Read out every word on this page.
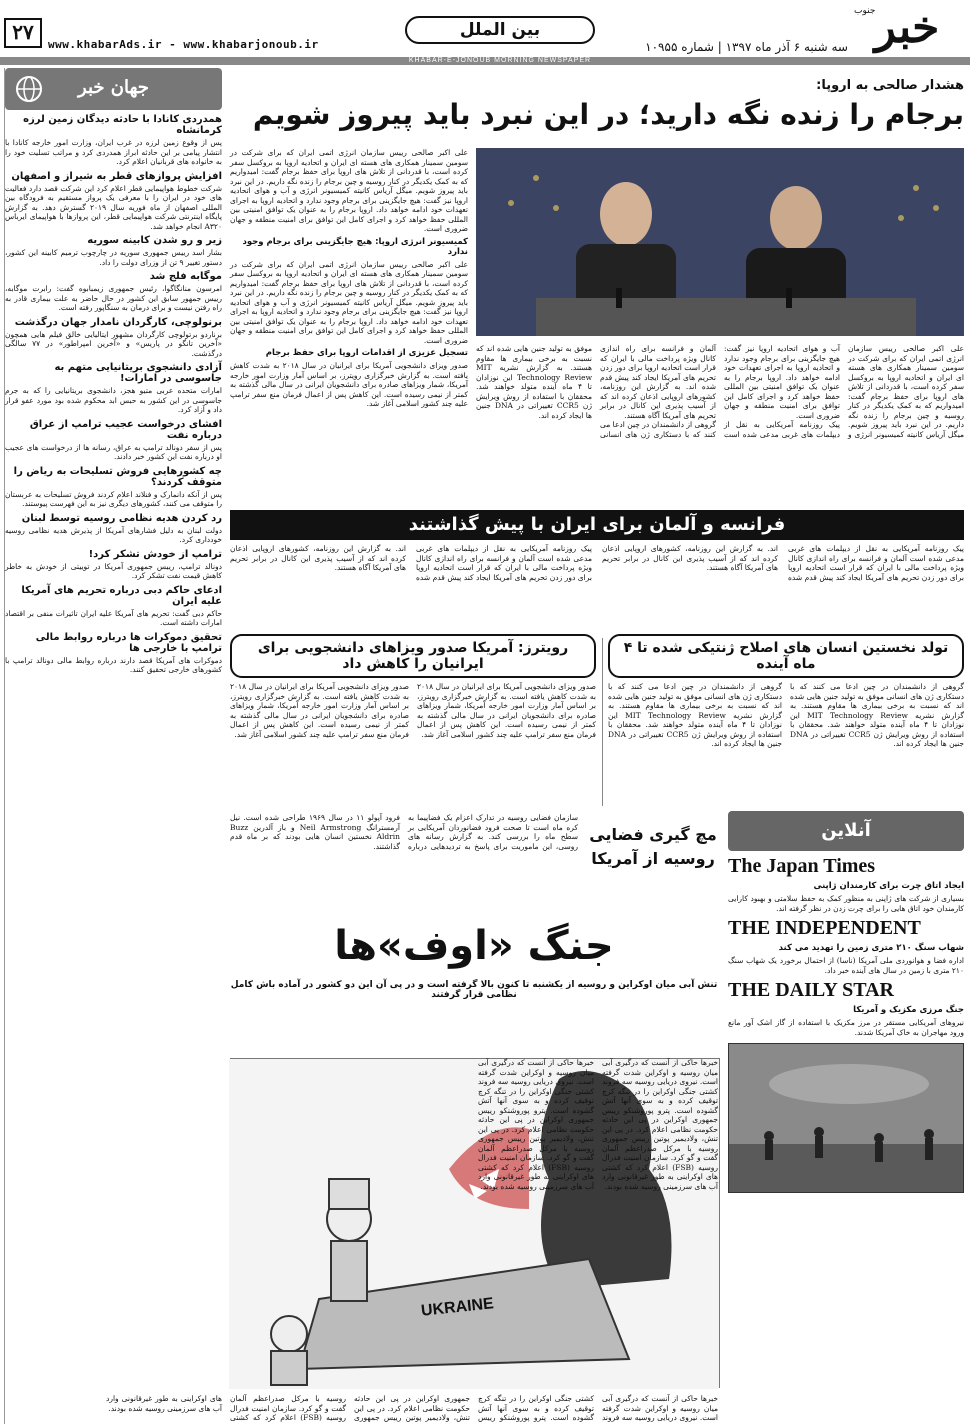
۲۷
www.khabarAds.ir - www.khabarjonoub.ir
بین الملل	خبر
جنوب
سه شنبه ۶ آذر ماه ۱۳۹۷ | شماره ۱۰۹۵۵
KHABAR-E-JONOUB MORNING NEWSPAPER
جهان خبر
همدردی کانادا با حادثه دیدگان زمین لرزه کرمانشاه

پس از وقوع زمین لرزه در غرب ایران، وزارت امور خارجه کانادا با انتشار پیامی بر این حادثه ابراز همدردی کرد و مراتب تسلیت خود را به خانواده های قربانیان اعلام کرد.

افزایش پروازهای قطر به شیراز و اصفهان

شرکت خطوط هواپیمایی قطر اعلام کرد این شرکت قصد دارد فعالیت های خود در ایران را با معرفی یک پرواز مستقیم به فرودگاه بین المللی اصفهان از ماه فوریه سال ۲۰۱۹ گسترش دهد. به گزارش پایگاه اینترنتی شرکت هواپیمایی قطر، این پروازها با هواپیمای ایرباس A۳۲۰ انجام خواهد شد.

زیر و رو شدن کابینه سوریه

بشار اسد رییس جمهوری سوریه در چارچوب ترمیم کابینه این کشور، دستور تغییر ۹ تن از وزرای دولت را داد.

موگابه فلج شد

امرسون منانگاگوا، رئیس جمهوری زیمبابوه گفت: رابرت موگابه، رییس جمهور سابق این کشور در حال حاضر به علت بیماری قادر به راه رفتن نیست و برای درمان به سنگاپور رفته است.

برنولوچی، کارگردان نامدار جهان درگذشت

برناردو برتولوچی کارگردان مشهور ایتالیایی خالق فیلم هایی همچون «آخرین تانگو در پاریس» و «آخرین امپراطور» در ۷۷ سالگی درگذشت.

آزادی دانشجوی بریتانیایی متهم به جاسوسی در امارات!

امارات متحده عربی متیو هجز، دانشجوی بریتانیایی را که به جرم جاسوسی در این کشور به حبس ابد محکوم شده بود مورد عفو قرار داد و آزاد کرد.

افشای درخواست عجیب ترامپ از عراق درباره نفت

پس از سفر دونالد ترامپ به عراق، رسانه ها از درخواست های عجیب او درباره نفت این کشور خبر دادند.

چه کشورهایی فروش تسلیحات به ریاض را متوقف کردند؟

پس از آنکه دانمارک و فنلاند اعلام کردند فروش تسلیحات به عربستان را متوقف می کنند، کشورهای دیگری نیز به این فهرست پیوستند.

رد کردن هدیه نظامی روسیه توسط لبنان

دولت لبنان به دلیل فشارهای آمریکا از پذیرش هدیه نظامی روسیه خودداری کرد.

ترامپ از خودش تشکر کرد!

دونالد ترامپ، رییس جمهوری آمریکا در توییتی از خودش به خاطر کاهش قیمت نفت تشکر کرد.

ادعای حاکم دبی درباره تحریم های آمریکا علیه ایران

حاکم دبی گفت: تحریم های آمریکا علیه ایران تاثیرات منفی بر اقتصاد امارات داشته است.

تحقیق دموکرات ها درباره روابط مالی ترامپ با خارجی ها

دموکرات های آمریکا قصد دارند درباره روابط مالی دونالد ترامپ با کشورهای خارجی تحقیق کنند.

هشدار صالحی به اروپا:
برجام را زنده نگه دارید؛ در این نبرد باید پیروز شویم

علی اکبر صالحی رییس سازمان انرژی اتمی ایران که برای شرکت در سومین سمینار همکاری های هسته ای ایران و اتحادیه اروپا به بروکسل سفر کرده است، با قدردانی از تلاش های اروپا برای حفظ برجام گفت: امیدواریم که به کمک یکدیگر در کنار روسیه و چین برجام را زنده نگه داریم. در این نبرد باید پیروز شویم. میگل آریاس کانیته کمیسیونر انرژی و آب و هوای اتحادیه اروپا نیز گفت: هیچ جایگزینی برای برجام وجود ندارد و اتحادیه اروپا به اجرای تعهدات خود ادامه خواهد داد. اروپا برجام را به عنوان یک توافق امنیتی بین المللی حفظ خواهد کرد و اجرای کامل این توافق برای امنیت منطقه و جهان ضروری است.

کمیسیونر انرژی اروپا: هیچ جایگزینی برای برجام وجود ندارد

علی اکبر صالحی رییس سازمان انرژی اتمی ایران که برای شرکت در سومین سمینار همکاری های هسته ای ایران و اتحادیه اروپا به بروکسل سفر کرده است، با قدردانی از تلاش های اروپا برای حفظ برجام گفت: امیدواریم که به کمک یکدیگر در کنار روسیه و چین برجام را زنده نگه داریم. در این نبرد باید پیروز شویم. میگل آریاس کانیته کمیسیونر انرژی و آب و هوای اتحادیه اروپا نیز گفت: هیچ جایگزینی برای برجام وجود ندارد و اتحادیه اروپا به اجرای تعهدات خود ادامه خواهد داد. اروپا برجام را به عنوان یک توافق امنیتی بین المللی حفظ خواهد کرد و اجرای کامل این توافق برای امنیت منطقه و جهان ضروری است.

تسجیل عزیزی از اقدامات اروپا برای حفظ برجام

صدور ویزای دانشجویی آمریکا برای ایرانیان در سال ۲۰۱۸ به شدت کاهش یافته است. به گزارش خبرگزاری رویترز، بر اساس آمار وزارت امور خارجه آمریکا، شمار ویزاهای صادره برای دانشجویان ایرانی در سال مالی گذشته به کمتر از نیمی رسیده است. این کاهش پس از اعمال فرمان منع سفر ترامپ علیه چند کشور اسلامی آغاز شد.

علی اکبر صالحی رییس سازمان انرژی اتمی ایران که برای شرکت در سومین سمینار همکاری های هسته ای ایران و اتحادیه اروپا به بروکسل سفر کرده است، با قدردانی از تلاش های اروپا برای حفظ برجام گفت: امیدواریم که به کمک یکدیگر در کنار روسیه و چین برجام را زنده نگه داریم. در این نبرد باید پیروز شویم. میگل آریاس کانیته کمیسیونر انرژی و آب و هوای اتحادیه اروپا نیز گفت: هیچ جایگزینی برای برجام وجود ندارد و اتحادیه اروپا به اجرای تعهدات خود ادامه خواهد داد. اروپا برجام را به عنوان یک توافق امنیتی بین المللی حفظ خواهد کرد و اجرای کامل این توافق برای امنیت منطقه و جهان ضروری است.

پیک روزنامه آمریکایی به نقل از دیپلمات های غربی مدعی شده است آلمان و فرانسه برای راه اندازی کانال ویژه پرداخت مالی با ایران که قرار است اتحادیه اروپا برای دور زدن تحریم های آمریکا ایجاد کند پیش قدم شده اند. به گزارش این روزنامه، کشورهای اروپایی اذعان کرده اند که از آسیب پذیری این کانال در برابر تحریم های آمریکا آگاه هستند.

گروهی از دانشمندان در چین ادعا می کنند که با دستکاری ژن های انسانی موفق به تولید جنین هایی شده اند که نسبت به برخی بیماری ها مقاوم هستند. به گزارش نشریه MIT Technology Review این نوزادان تا ۴ ماه آینده متولد خواهند شد. محققان با استفاده از روش ویرایش ژن CCR5 تغییراتی در DNA جنین ها ایجاد کرده اند.

فرانسه و آلمان برای ایران با پیش گذاشتند

پیک روزنامه آمریکایی به نقل از دیپلمات های غربی مدعی شده است آلمان و فرانسه برای راه اندازی کانال ویژه پرداخت مالی با ایران که قرار است اتحادیه اروپا برای دور زدن تحریم های آمریکا ایجاد کند پیش قدم شده اند. به گزارش این روزنامه، کشورهای اروپایی اذعان کرده اند که از آسیب پذیری این کانال در برابر تحریم های آمریکا آگاه هستند.

پیک روزنامه آمریکایی به نقل از دیپلمات های غربی مدعی شده است آلمان و فرانسه برای راه اندازی کانال ویژه پرداخت مالی با ایران که قرار است اتحادیه اروپا برای دور زدن تحریم های آمریکا ایجاد کند پیش قدم شده اند. به گزارش این روزنامه، کشورهای اروپایی اذعان کرده اند که از آسیب پذیری این کانال در برابر تحریم های آمریکا آگاه هستند.

تولد نخستین انسان های اصلاح ژنتیکی شده تا ۴ ماه آینده

گروهی از دانشمندان در چین ادعا می کنند که با دستکاری ژن های انسانی موفق به تولید جنین هایی شده اند که نسبت به برخی بیماری ها مقاوم هستند. به گزارش نشریه MIT Technology Review این نوزادان تا ۴ ماه آینده متولد خواهند شد. محققان با استفاده از روش ویرایش ژن CCR5 تغییراتی در DNA جنین ها ایجاد کرده اند.

گروهی از دانشمندان در چین ادعا می کنند که با دستکاری ژن های انسانی موفق به تولید جنین هایی شده اند که نسبت به برخی بیماری ها مقاوم هستند. به گزارش نشریه MIT Technology Review این نوزادان تا ۴ ماه آینده متولد خواهند شد. محققان با استفاده از روش ویرایش ژن CCR5 تغییراتی در DNA جنین ها ایجاد کرده اند.

رویترز: آمریکا صدور ویزاهای دانشجویی برای ایرانیان را کاهش داد

صدور ویزای دانشجویی آمریکا برای ایرانیان در سال ۲۰۱۸ به شدت کاهش یافته است. به گزارش خبرگزاری رویترز، بر اساس آمار وزارت امور خارجه آمریکا، شمار ویزاهای صادره برای دانشجویان ایرانی در سال مالی گذشته به کمتر از نیمی رسیده است. این کاهش پس از اعمال فرمان منع سفر ترامپ علیه چند کشور اسلامی آغاز شد.

صدور ویزای دانشجویی آمریکا برای ایرانیان در سال ۲۰۱۸ به شدت کاهش یافته است. به گزارش خبرگزاری رویترز، بر اساس آمار وزارت امور خارجه آمریکا، شمار ویزاهای صادره برای دانشجویان ایرانی در سال مالی گذشته به کمتر از نیمی رسیده است. این کاهش پس از اعمال فرمان منع سفر ترامپ علیه چند کشور اسلامی آغاز شد.

آنلاین
The Japan Times
ایجاد اتاق چرت برای کارمندان ژاپنی

بسیاری از شرکت های ژاپنی به منظور کمک به حفظ سلامتی و بهبود کارایی کارمندان خود اتاق هایی را برای چرت زدن در نظر گرفته اند.

THE INDEPENDENT
شهاب سنگ ۲۱۰ متری زمین را تهدید می کند

اداره فضا و هوانوردی ملی آمریکا (ناسا) از احتمال برخورد یک شهاب سنگ ۲۱۰ متری با زمین در سال های آینده خبر داد.

THE DAILY STAR
جنگ مرزی مکزیک و آمریکا

نیروهای آمریکایی مستقر در مرز مکزیک با استفاده از گاز اشک آور مانع ورود مهاجران به خاک آمریکا شدند.

مچ گیری فضایی روسیه از آمریکا

سازمان فضایی روسیه در تدارک اعزام یک فضاپیما به کره ماه است تا صحت فرود فضانوردان آمریکایی بر سطح ماه را بررسی کند. به گزارش رسانه های روسی، این ماموریت برای پاسخ به تردیدهایی درباره فرود آپولو ۱۱ در سال ۱۹۶۹ طراحی شده است. نیل آرمسترانگ Neil Armstrong و باز آلدرین Buzz Aldrin نخستین انسان هایی بودند که بر ماه قدم گذاشتند.

جنگ «اوف»ها
تنش آبی میان اوکراین و روسیه از یکشنبه تا کنون بالا گرفته است و در پی آن این دو کشور در آماده باش کامل نظامی قرار گرفتند
UKRAINE

خبرها حاکی از آنست که درگیری آبی میان روسیه و اوکراین شدت گرفته است. نیروی دریایی روسیه سه فروند کشتی جنگی اوکراین را در تنگه کرچ توقیف کرده و به سوی آنها آتش گشوده است. پترو پوروشنکو رییس جمهوری اوکراین در پی این حادثه حکومت نظامی اعلام کرد. در پی این تنش، ولادیمیر پوتین رییس جمهوری روسیه با مرکل صدراعظم آلمان گفت و گو کرد. سازمان امنیت فدرال روسیه (FSB) اعلام کرد که کشتی های اوکراینی به طور غیرقانونی وارد آب های سرزمینی روسیه شده بودند.

خبرها حاکی از آنست که درگیری آبی میان روسیه و اوکراین شدت گرفته است. نیروی دریایی روسیه سه فروند کشتی جنگی اوکراین را در تنگه کرچ توقیف کرده و به سوی آنها آتش گشوده است. پترو پوروشنکو رییس جمهوری اوکراین در پی این حادثه حکومت نظامی اعلام کرد. در پی این تنش، ولادیمیر پوتین رییس جمهوری روسیه با مرکل صدراعظم آلمان گفت و گو کرد. سازمان امنیت فدرال روسیه (FSB) اعلام کرد که کشتی های اوکراینی به طور غیرقانونی وارد آب های سرزمینی روسیه شده بودند.

خبرها حاکی از آنست که درگیری آبی میان روسیه و اوکراین شدت گرفته است. نیروی دریایی روسیه سه فروند کشتی جنگی اوکراین را در تنگه کرچ توقیف کرده و به سوی آنها آتش گشوده است. پترو پوروشنکو رییس جمهوری اوکراین در پی این حادثه حکومت نظامی اعلام کرد. در پی این تنش، ولادیمیر پوتین رییس جمهوری روسیه با مرکل صدراعظم آلمان گفت و گو کرد. سازمان امنیت فدرال روسیه (FSB) اعلام کرد که کشتی های اوکراینی به طور غیرقانونی وارد آب های سرزمینی روسیه شده بودند.
